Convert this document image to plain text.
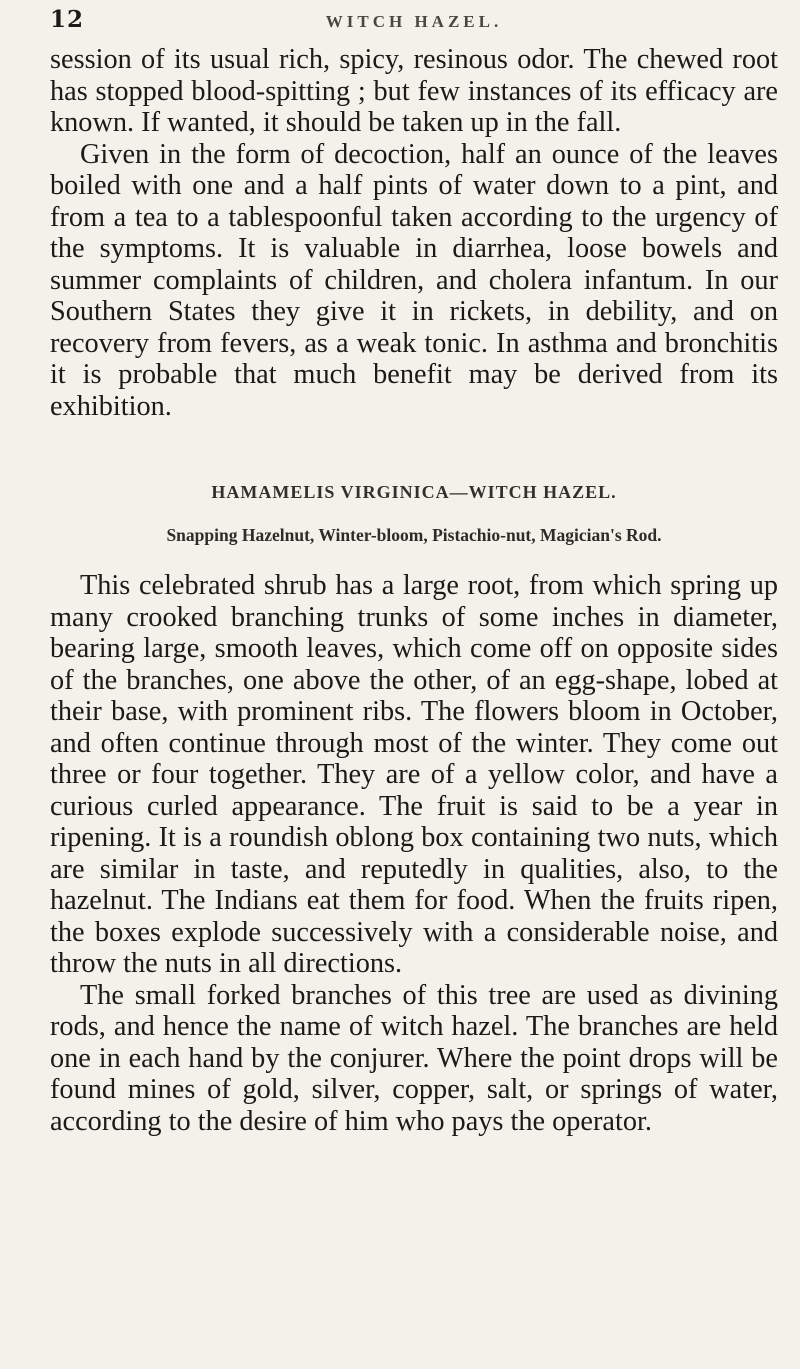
12	WITCH HAZEL.

session of its usual rich, spicy, resinous odor. The chewed root has stopped blood-spitting ; but few instances of its efficacy are known. If wanted, it should be taken up in the fall.

Given in the form of decoction, half an ounce of the leaves boiled with one and a half pints of water down to a pint, and from a tea to a tablespoonful taken according to the urgency of the symptoms. It is valuable in diarrhea, loose bowels and summer complaints of children, and cholera infantum. In our Southern States they give it in rickets, in debility, and on recovery from fevers, as a weak tonic. In asthma and bronchitis it is probable that much benefit may be derived from its exhibition.

HAMAMELIS VIRGINICA—WITCH HAZEL.
Snapping Hazelnut, Winter-bloom, Pistachio-nut, Magician's Rod.

This celebrated shrub has a large root, from which spring up many crooked branching trunks of some inches in diameter, bearing large, smooth leaves, which come off on opposite sides of the branches, one above the other, of an egg-shape, lobed at their base, with prominent ribs. The flowers bloom in October, and often continue through most of the winter. They come out three or four together. They are of a yellow color, and have a curious curled appearance. The fruit is said to be a year in ripening. It is a roundish oblong box containing two nuts, which are similar in taste, and reputedly in qualities, also, to the hazelnut. The Indians eat them for food. When the fruits ripen, the boxes explode successively with a considerable noise, and throw the nuts in all directions.

The small forked branches of this tree are used as divining rods, and hence the name of witch hazel. The branches are held one in each hand by the conjurer. Where the point drops will be found mines of gold, silver, copper, salt, or springs of water, according to the desire of him who pays the operator.
